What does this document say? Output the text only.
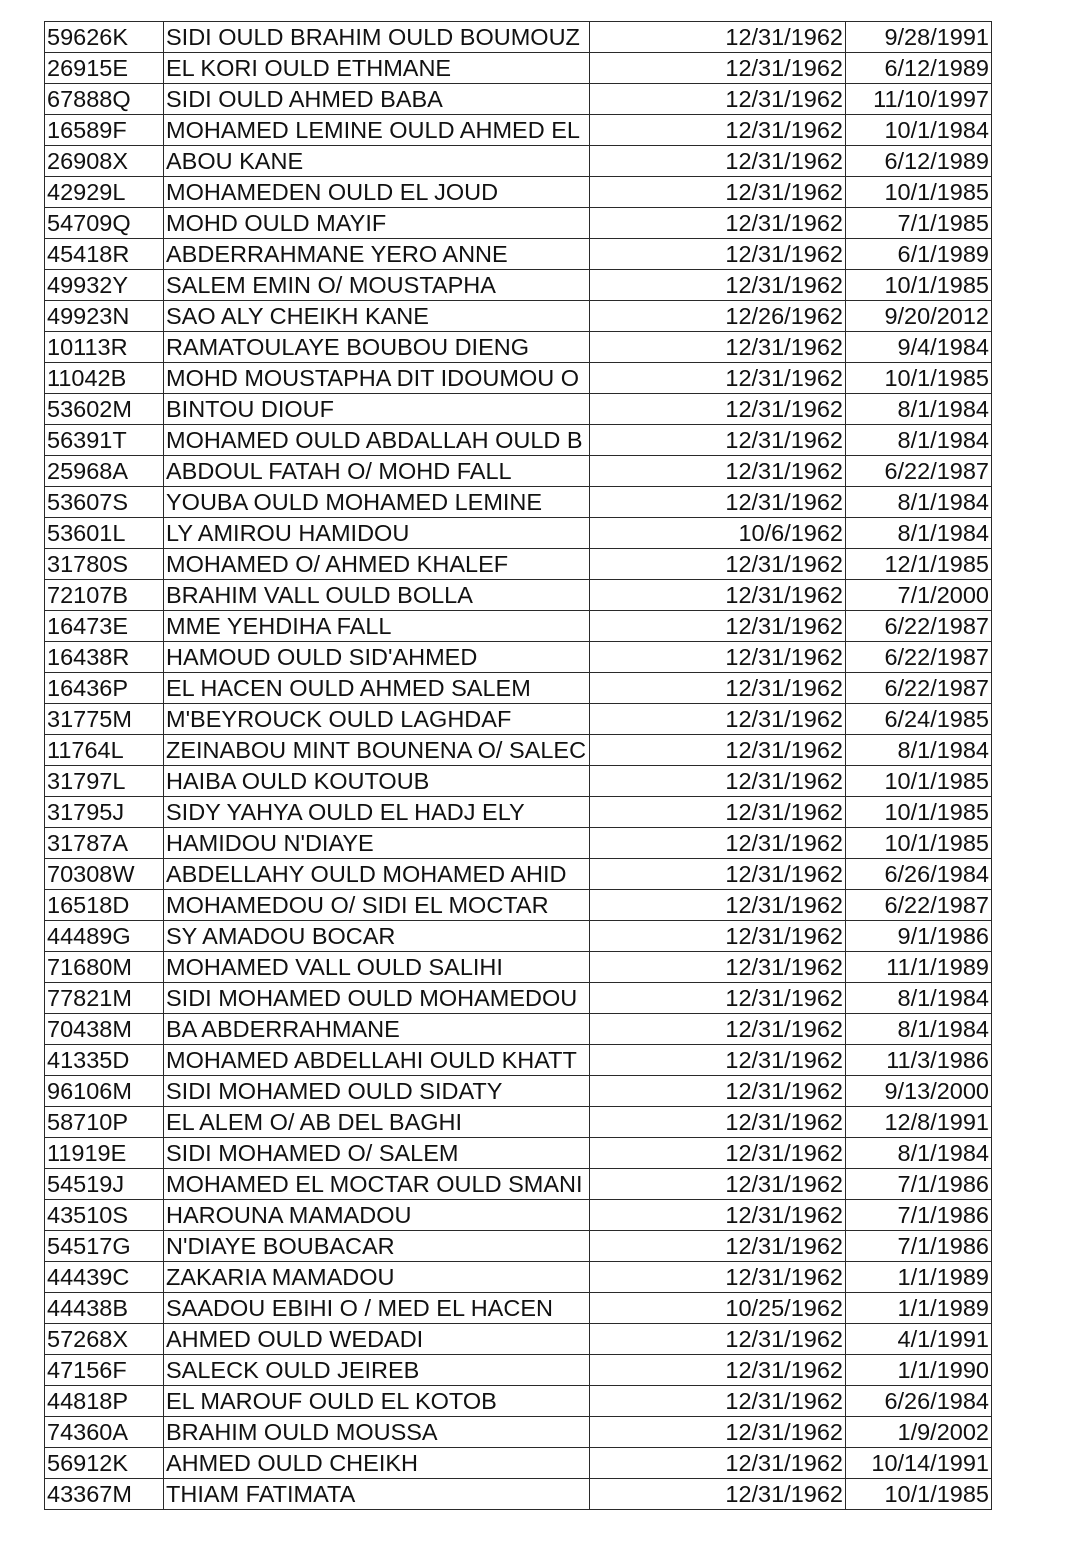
59626K	SIDI OULD BRAHIM OULD BOUMOUZ	12/31/1962	9/28/1991
26915E	EL KORI OULD ETHMANE	12/31/1962	6/12/1989
67888Q	SIDI OULD AHMED BABA	12/31/1962	11/10/1997
16589F	MOHAMED LEMINE OULD AHMED EL	12/31/1962	10/1/1984
26908X	ABOU KANE	12/31/1962	6/12/1989
42929L	MOHAMEDEN OULD EL JOUD	12/31/1962	10/1/1985
54709Q	MOHD OULD MAYIF	12/31/1962	7/1/1985
45418R	ABDERRAHMANE YERO ANNE	12/31/1962	6/1/1989
49932Y	SALEM EMIN O/ MOUSTAPHA	12/31/1962	10/1/1985
49923N	SAO ALY CHEIKH KANE	12/26/1962	9/20/2012
10113R	RAMATOULAYE BOUBOU DIENG	12/31/1962	9/4/1984
11042B	MOHD MOUSTAPHA DIT IDOUMOU O	12/31/1962	10/1/1985
53602M	BINTOU DIOUF	12/31/1962	8/1/1984
56391T	MOHAMED OULD ABDALLAH OULD B	12/31/1962	8/1/1984
25968A	ABDOUL FATAH O/ MOHD FALL	12/31/1962	6/22/1987
53607S	YOUBA OULD MOHAMED LEMINE	12/31/1962	8/1/1984
53601L	LY AMIROU HAMIDOU	10/6/1962	8/1/1984
31780S	MOHAMED O/ AHMED KHALEF	12/31/1962	12/1/1985
72107B	BRAHIM VALL OULD BOLLA	12/31/1962	7/1/2000
16473E	MME YEHDIHA FALL	12/31/1962	6/22/1987
16438R	HAMOUD OULD SID'AHMED	12/31/1962	6/22/1987
16436P	EL HACEN OULD AHMED SALEM	12/31/1962	6/22/1987
31775M	M'BEYROUCK OULD LAGHDAF	12/31/1962	6/24/1985
11764L	ZEINABOU MINT BOUNENA O/ SALEC	12/31/1962	8/1/1984
31797L	HAIBA OULD KOUTOUB	12/31/1962	10/1/1985
31795J	SIDY YAHYA OULD EL HADJ ELY	12/31/1962	10/1/1985
31787A	HAMIDOU N'DIAYE	12/31/1962	10/1/1985
70308W	ABDELLAHY OULD MOHAMED AHID	12/31/1962	6/26/1984
16518D	MOHAMEDOU O/ SIDI EL MOCTAR	12/31/1962	6/22/1987
44489G	SY AMADOU BOCAR	12/31/1962	9/1/1986
71680M	MOHAMED VALL OULD SALIHI	12/31/1962	11/1/1989
77821M	SIDI MOHAMED OULD MOHAMEDOU	12/31/1962	8/1/1984
70438M	BA ABDERRAHMANE	12/31/1962	8/1/1984
41335D	MOHAMED ABDELLAHI OULD KHATT	12/31/1962	11/3/1986
96106M	SIDI MOHAMED OULD SIDATY	12/31/1962	9/13/2000
58710P	EL ALEM O/ AB DEL BAGHI	12/31/1962	12/8/1991
11919E	SIDI MOHAMED O/ SALEM	12/31/1962	8/1/1984
54519J	MOHAMED EL MOCTAR OULD SMANI	12/31/1962	7/1/1986
43510S	HAROUNA MAMADOU	12/31/1962	7/1/1986
54517G	N'DIAYE BOUBACAR	12/31/1962	7/1/1986
44439C	ZAKARIA MAMADOU	12/31/1962	1/1/1989
44438B	SAADOU EBIHI O / MED EL HACEN	10/25/1962	1/1/1989
57268X	AHMED OULD WEDADI	12/31/1962	4/1/1991
47156F	SALECK OULD JEIREB	12/31/1962	1/1/1990
44818P	EL MAROUF OULD EL KOTOB	12/31/1962	6/26/1984
74360A	BRAHIM OULD MOUSSA	12/31/1962	1/9/2002
56912K	AHMED OULD CHEIKH	12/31/1962	10/14/1991
43367M	THIAM FATIMATA	12/31/1962	10/1/1985
